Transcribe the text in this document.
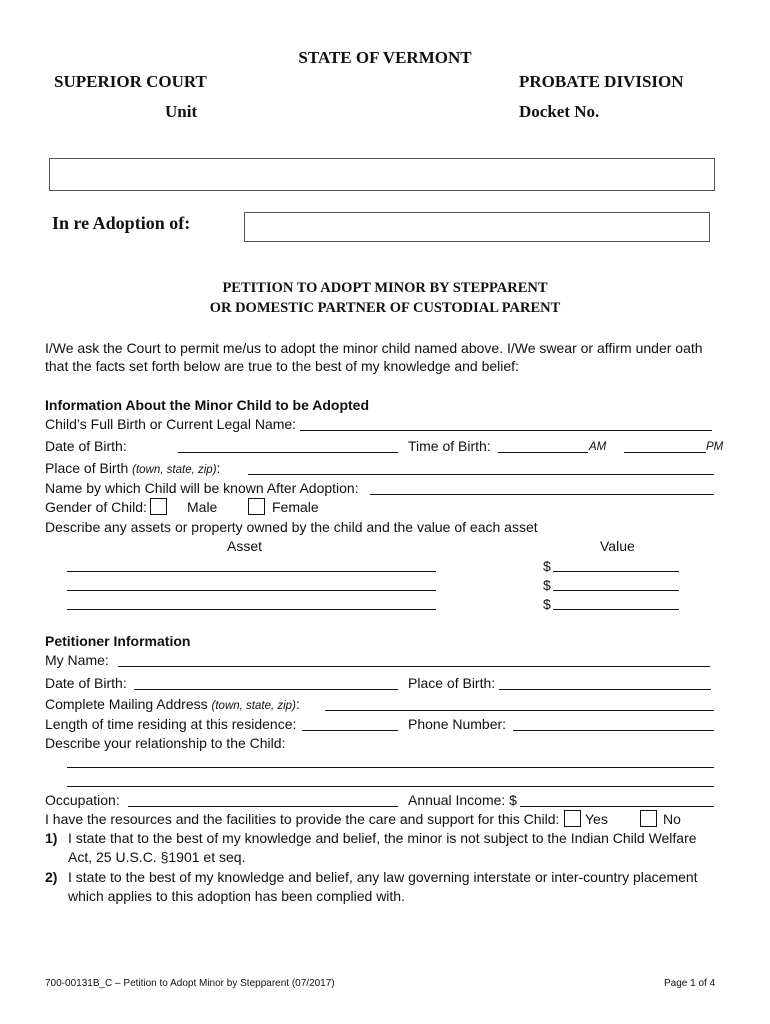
STATE OF VERMONT
SUPERIOR COURT	PROBATE DIVISION
Unit	Docket No.
In re Adoption of:
PETITION TO ADOPT MINOR BY STEPPARENT
OR DOMESTIC PARTNER OF CUSTODIAL PARENT
I/We ask the Court to permit me/us to adopt the minor child named above. I/We swear or affirm under oath
that the facts set forth below are true to the best of my knowledge and belief:
Information About the Minor Child to be Adopted
Child’s Full Birth or Current Legal Name:
Date of Birth:	Time of Birth:	AM	PM
Place of Birth (town, state, zip):
Name by which Child will be known After Adoption:
Gender of Child:	Male	Female
Describe any assets or property owned by the child and the value of each asset
Asset	Value
$
$
$
Petitioner Information
My Name:
Date of Birth:	Place of Birth:
Complete Mailing Address (town, state, zip):
Length of time residing at this residence:	Phone Number:
Describe your relationship to the Child:
Occupation:	Annual Income: $
I have the resources and the facilities to provide the care and support for this Child: Yes	No
1) I state that to the best of my knowledge and belief, the minor is not subject to the Indian Child Welfare
Act, 25 U.S.C. §1901 et seq.
2) I state to the best of my knowledge and belief, any law governing interstate or inter-country placement
which applies to this adoption has been complied with.
700-00131B_C – Petition to Adopt Minor by Stepparent (07/2017)	Page 1 of 4
